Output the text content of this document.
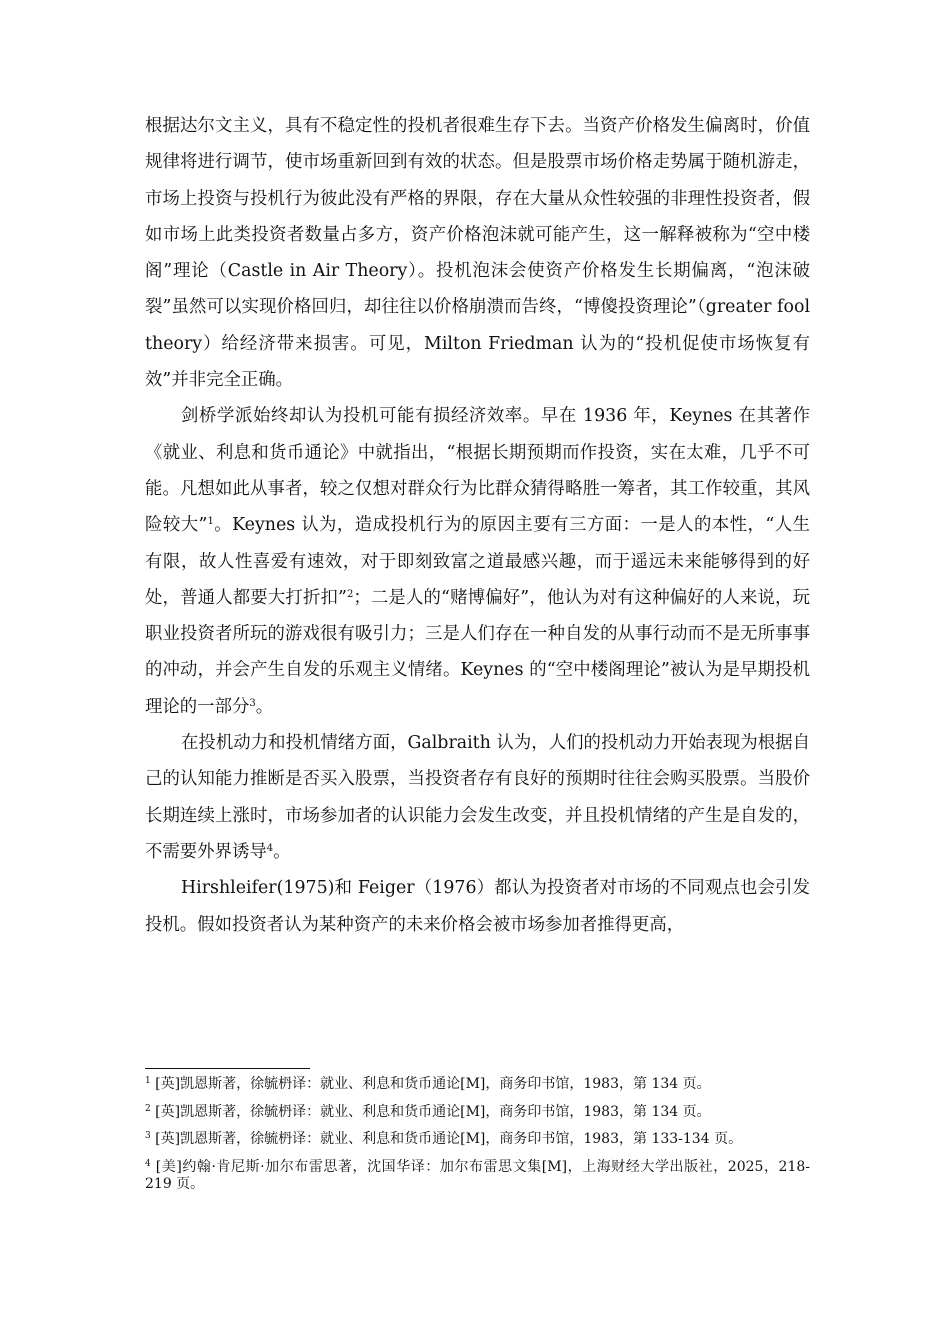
根据达尔文主义，具有不稳定性的投机者很难生存下去。当资产价格发生偏离时，价值规律将进行调节，使市场重新回到有效的状态。但是股票市场价格走势属于随机游走，市场上投资与投机行为彼此没有严格的界限，存在大量从众性较强的非理性投资者，假如市场上此类投资者数量占多方，资产价格泡沫就可能产生，这一解释被称为“空中楼阁”理论（Castle in Air Theory）。投机泡沫会使资产价格发生长期偏离，“泡沫破裂”虽然可以实现价格回归，却往往以价格崩溃而告终，“博傻投资理论”（greater fool theory）给经济带来损害。可见，Milton Friedman 认为的“投机促使市场恢复有效”并非完全正确。

剑桥学派始终却认为投机可能有损经济效率。早在 1936 年，Keynes 在其著作《就业、利息和货币通论》中就指出，“根据长期预期而作投资，实在太难，几乎不可能。凡想如此从事者，较之仅想对群众行为比群众猜得略胜一筹者，其工作较重，其风险较大”$^1$。Keynes 认为，造成投机行为的原因主要有三方面：一是人的本性，“人生有限，故人性喜爱有速效，对于即刻致富之道最感兴趣，而于遥远未来能够得到的好处，普通人都要大打折扣”$^2$；二是人的“赌博偏好”，他认为对有这种偏好的人来说，玩职业投资者所玩的游戏很有吸引力；三是人们存在一种自发的从事行动而不是无所事事的冲动，并会产生自发的乐观主义情绪。Keynes 的“空中楼阁理论”被认为是早期投机理论的一部分$^3$。

在投机动力和投机情绪方面，Galbraith 认为，人们的投机动力开始表现为根据自己的认知能力推断是否买入股票，当投资者存有良好的预期时往往会购买股票。当股价长期连续上涨时，市场参加者的认识能力会发生改变，并且投机情绪的产生是自发的，不需要外界诱导$^4$。

Hirshleifer(1975)和 Feiger（1976）都认为投资者对市场的不同观点也会引发投机。假如投资者认为某种资产的未来价格会被市场参加者推得更高，

$^1$ [英]凯恩斯著，徐毓枬译：就业、利息和货币通论[M]，商务印书馆，1983，第 134 页。

$^2$ [英]凯恩斯著，徐毓枬译：就业、利息和货币通论[M]，商务印书馆，1983，第 134 页。

$^3$ [英]凯恩斯著，徐毓枬译：就业、利息和货币通论[M]，商务印书馆，1983，第 133-134 页。

$^4$ [美]约翰·肯尼斯·加尔布雷思著，沈国华译：加尔布雷思文集[M]，上海财经大学出版社，2025，218-219 页。
